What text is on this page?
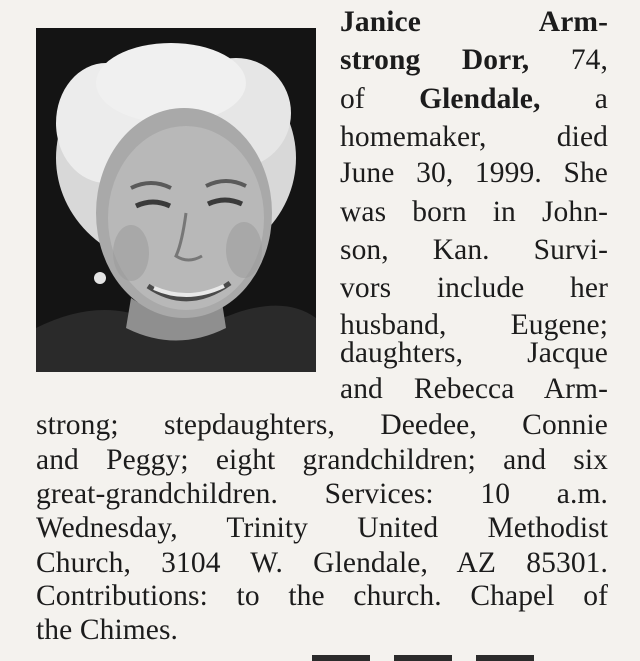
Janice Arm-
strong Dorr, 74,
of Glendale, a
homemaker, died
June 30, 1999. She
was born in John-
son, Kan. Survi-
vors include her
husband, Eugene;
daughters, Jacque
and Rebecca Arm-
strong; stepdaughters, Deedee, Connie
and Peggy; eight grandchildren; and six
great-grandchildren. Services: 10 a.m.
Wednesday, Trinity United Methodist
Church, 3104 W. Glendale, AZ 85301.
Contributions: to the church. Chapel of
the Chimes.
